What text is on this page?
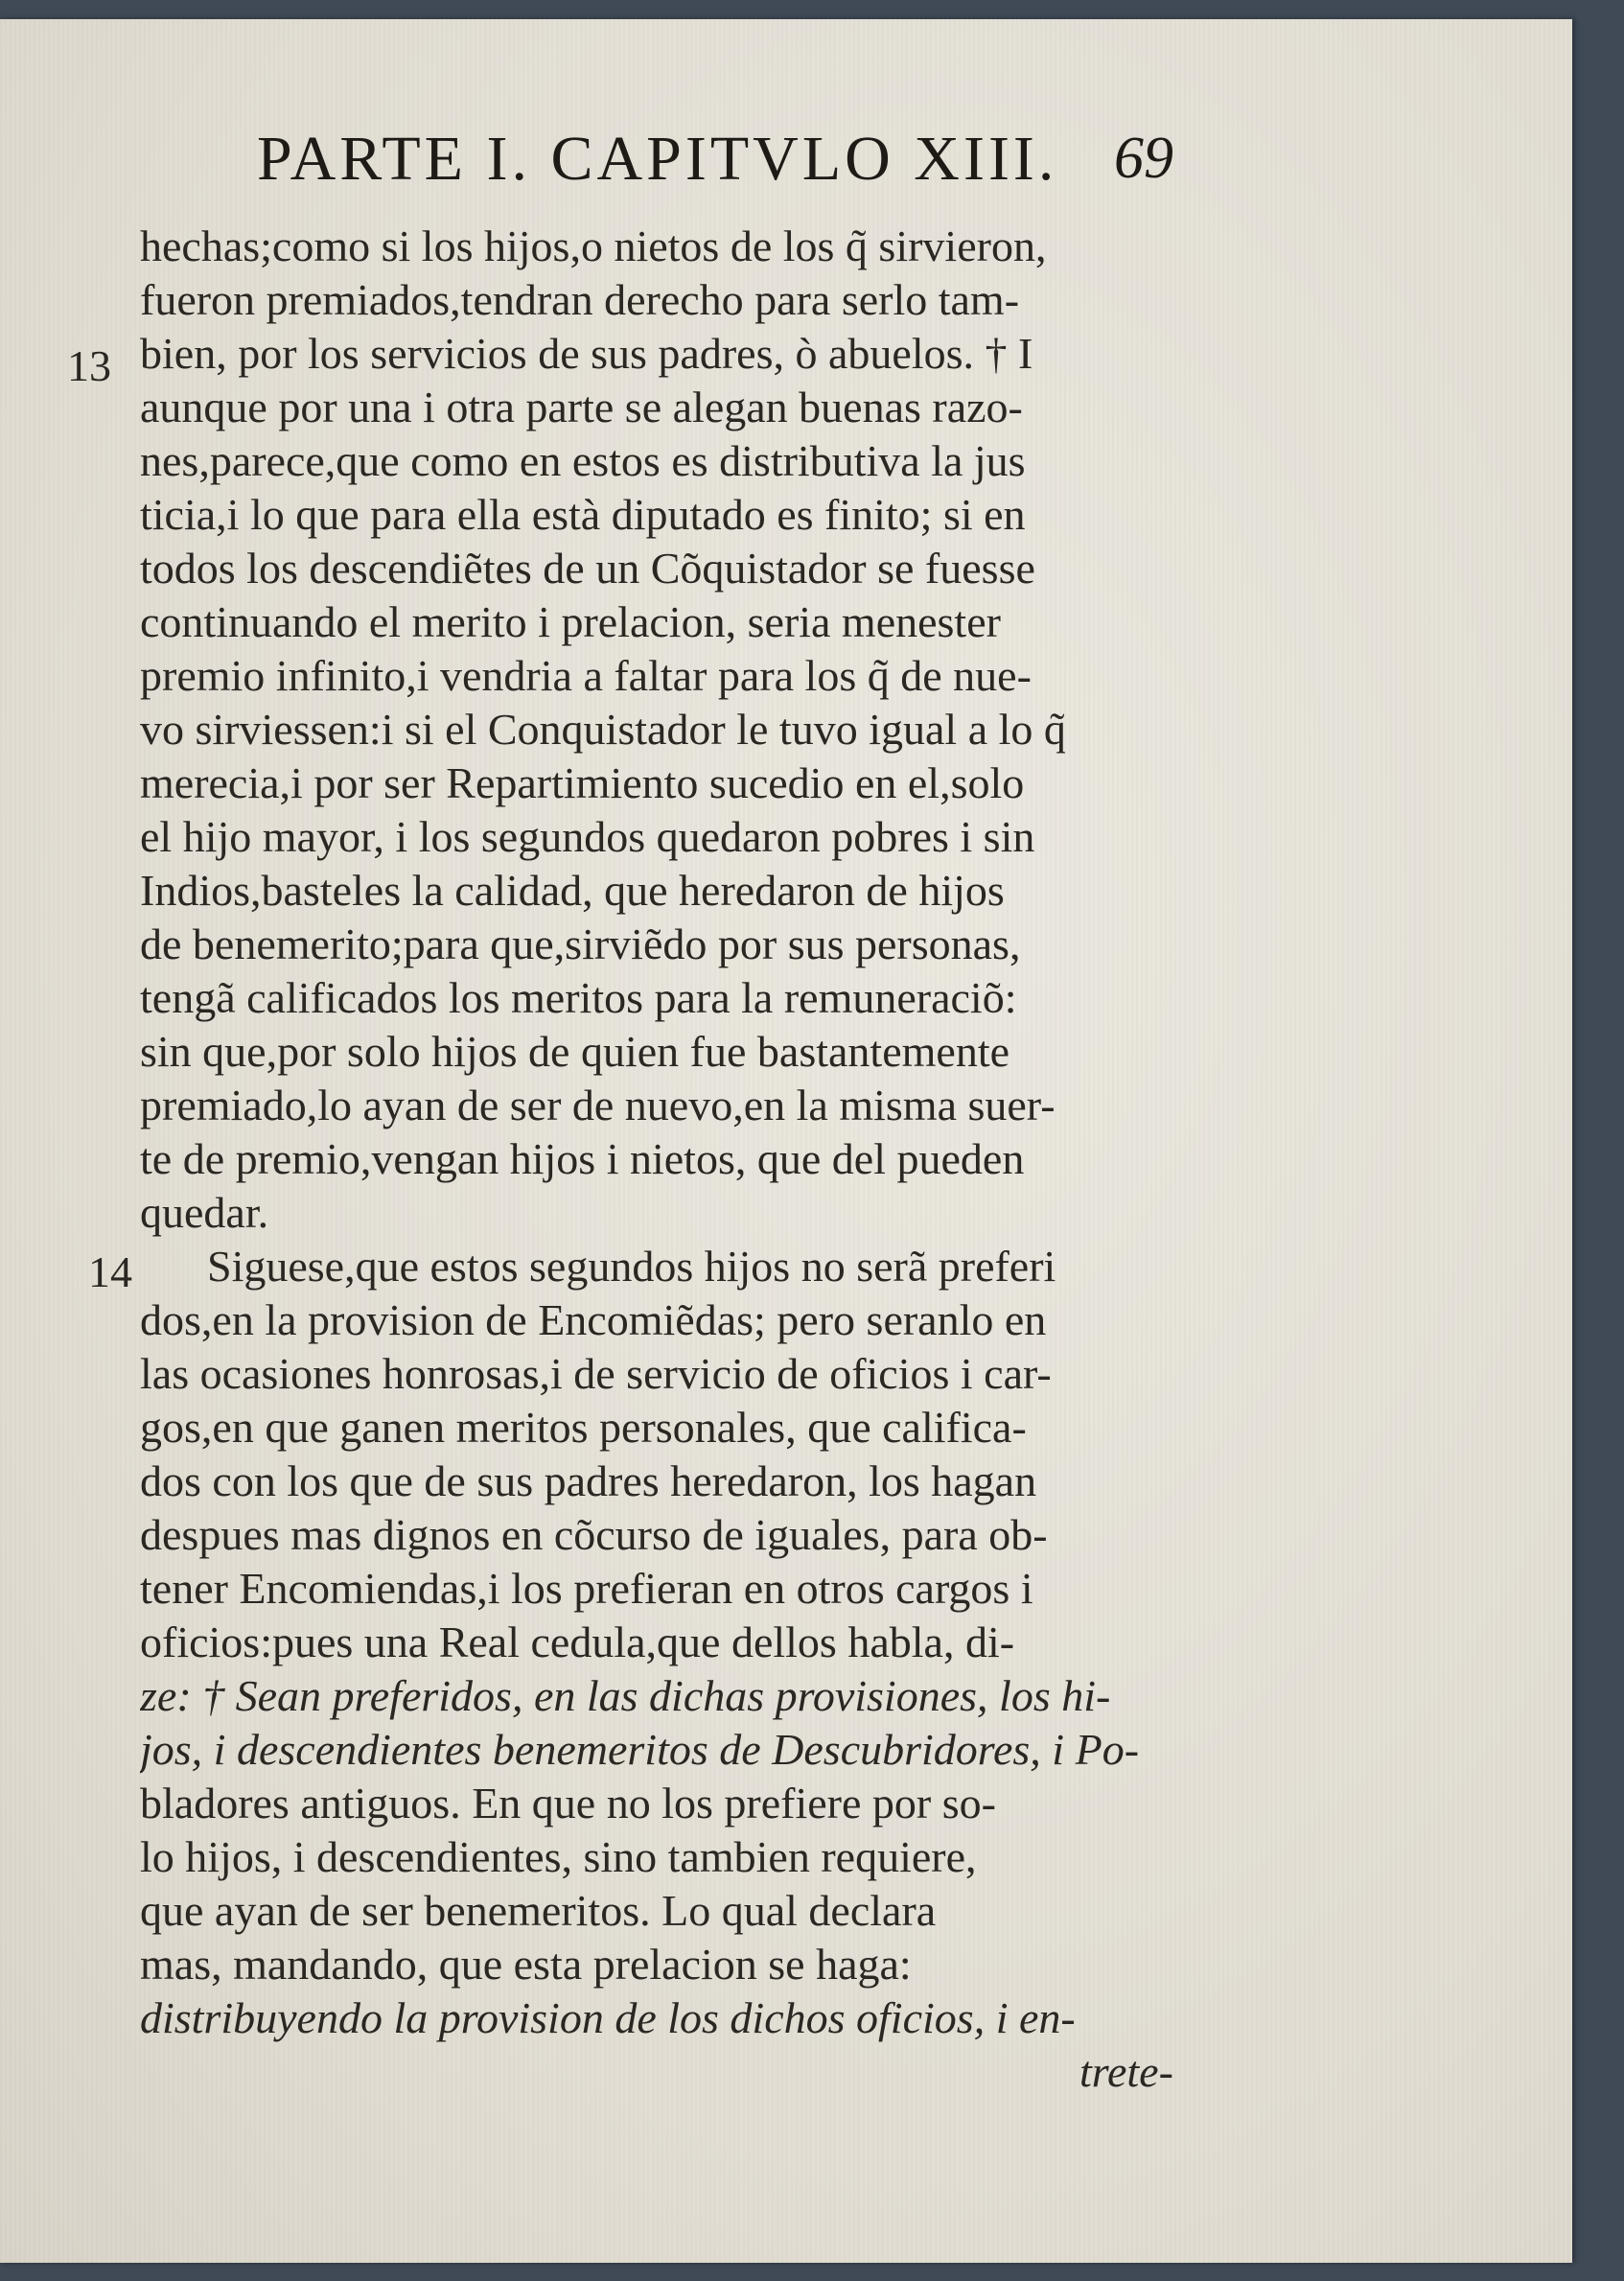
PARTE I. CAPITVLO XIII. 69
13
14
hechas;como si los hijos,o nietos de los q̃ sirvieron,
fueron premiados,tendran derecho para serlo tam-
bien, por los servicios de sus padres, ò abuelos. † I
aunque por una i otra parte se alegan buenas razo-
nes,parece,que como en estos es distributiva la jus
ticia,i lo que para ella està diputado es finito; si en
todos los descendiẽtes de un Cõquistador se fuesse
continuando el merito i prelacion, seria menester
premio infinito,i vendria a faltar para los q̃ de nue-
vo sirviessen:i si el Conquistador le tuvo igual a lo q̃
merecia,i por ser Repartimiento sucedio en el,solo
el hijo mayor, i los segundos quedaron pobres i sin
Indios,basteles la calidad, que heredaron de hijos
de benemerito;para que,sirviẽdo por sus personas,
tengã calificados los meritos para la remuneraciõ:
sin que,por solo hijos de quien fue bastantemente
premiado,lo ayan de ser de nuevo,en la misma suer-
te de premio,vengan hijos i nietos, que del pueden
quedar.
Siguese,que estos segundos hijos no serã preferi
dos,en la provision de Encomiẽdas; pero seranlo en
las ocasiones honrosas,i de servicio de oficios i car-
gos,en que ganen meritos personales, que califica-
dos con los que de sus padres heredaron, los hagan
despues mas dignos en cõcurso de iguales, para ob-
tener Encomiendas,i los prefieran en otros cargos i
oficios:pues una Real cedula,que dellos habla, di-
ze: † Sean preferidos, en las dichas provisiones, los hi-
jos, i descendientes benemeritos de Descubridores, i Po-
bladores antiguos. En que no los prefiere por so-
lo hijos, i descendientes, sino tambien requiere,
que ayan de ser benemeritos. Lo qual declara
mas, mandando, que esta prelacion se haga:
distribuyendo la provision de los dichos oficios, i en-
trete-
